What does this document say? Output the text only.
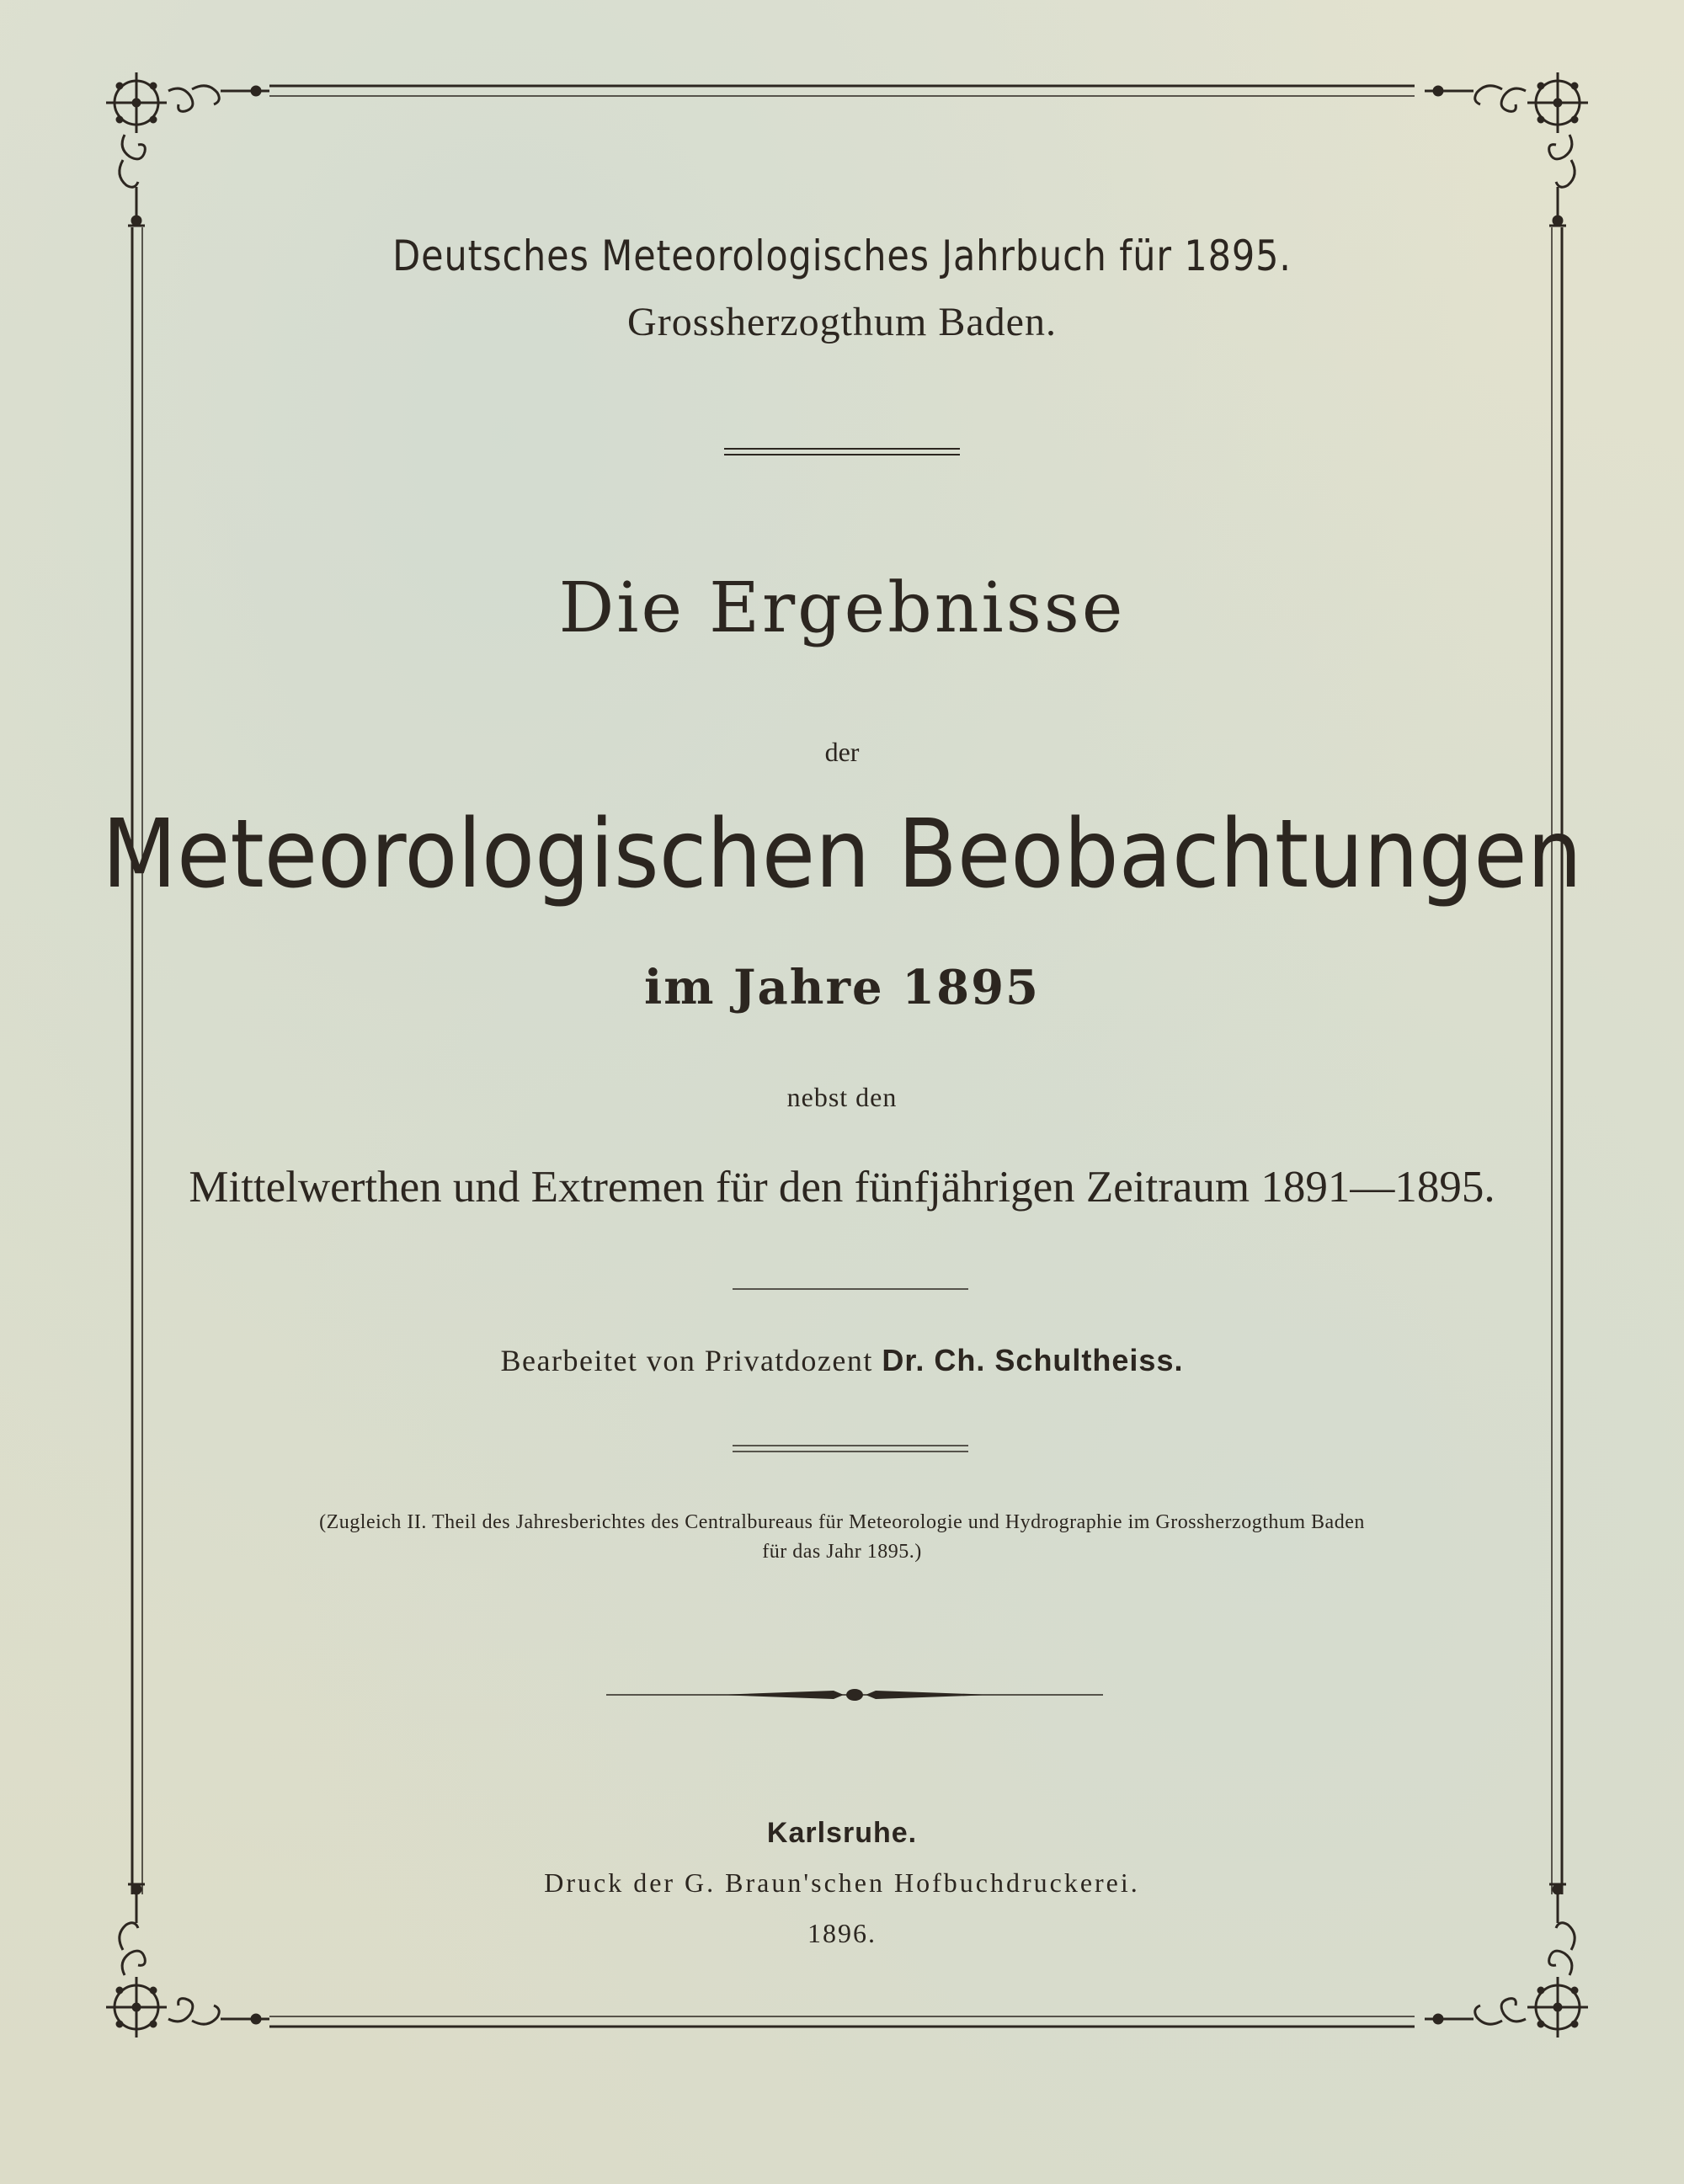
Deutsches Meteorologisches Jahrbuch für 1895.
Grossherzogthum Baden.
Die Ergebnisse
der
Meteorologischen Beobachtungen
im Jahre 1895
nebst den
Mittelwerthen und Extremen für den fünfjährigen Zeitraum 1891—1895.
Bearbeitet von Privatdozent Dr. Ch. Schultheiss.
(Zugleich II. Theil des Jahresberichtes des Centralbureaus für Meteorologie und Hydrographie im Grossherzogthum Baden
für das Jahr 1895.)
Karlsruhe.
Druck der G. Braun'schen Hofbuchdruckerei.
1896.
